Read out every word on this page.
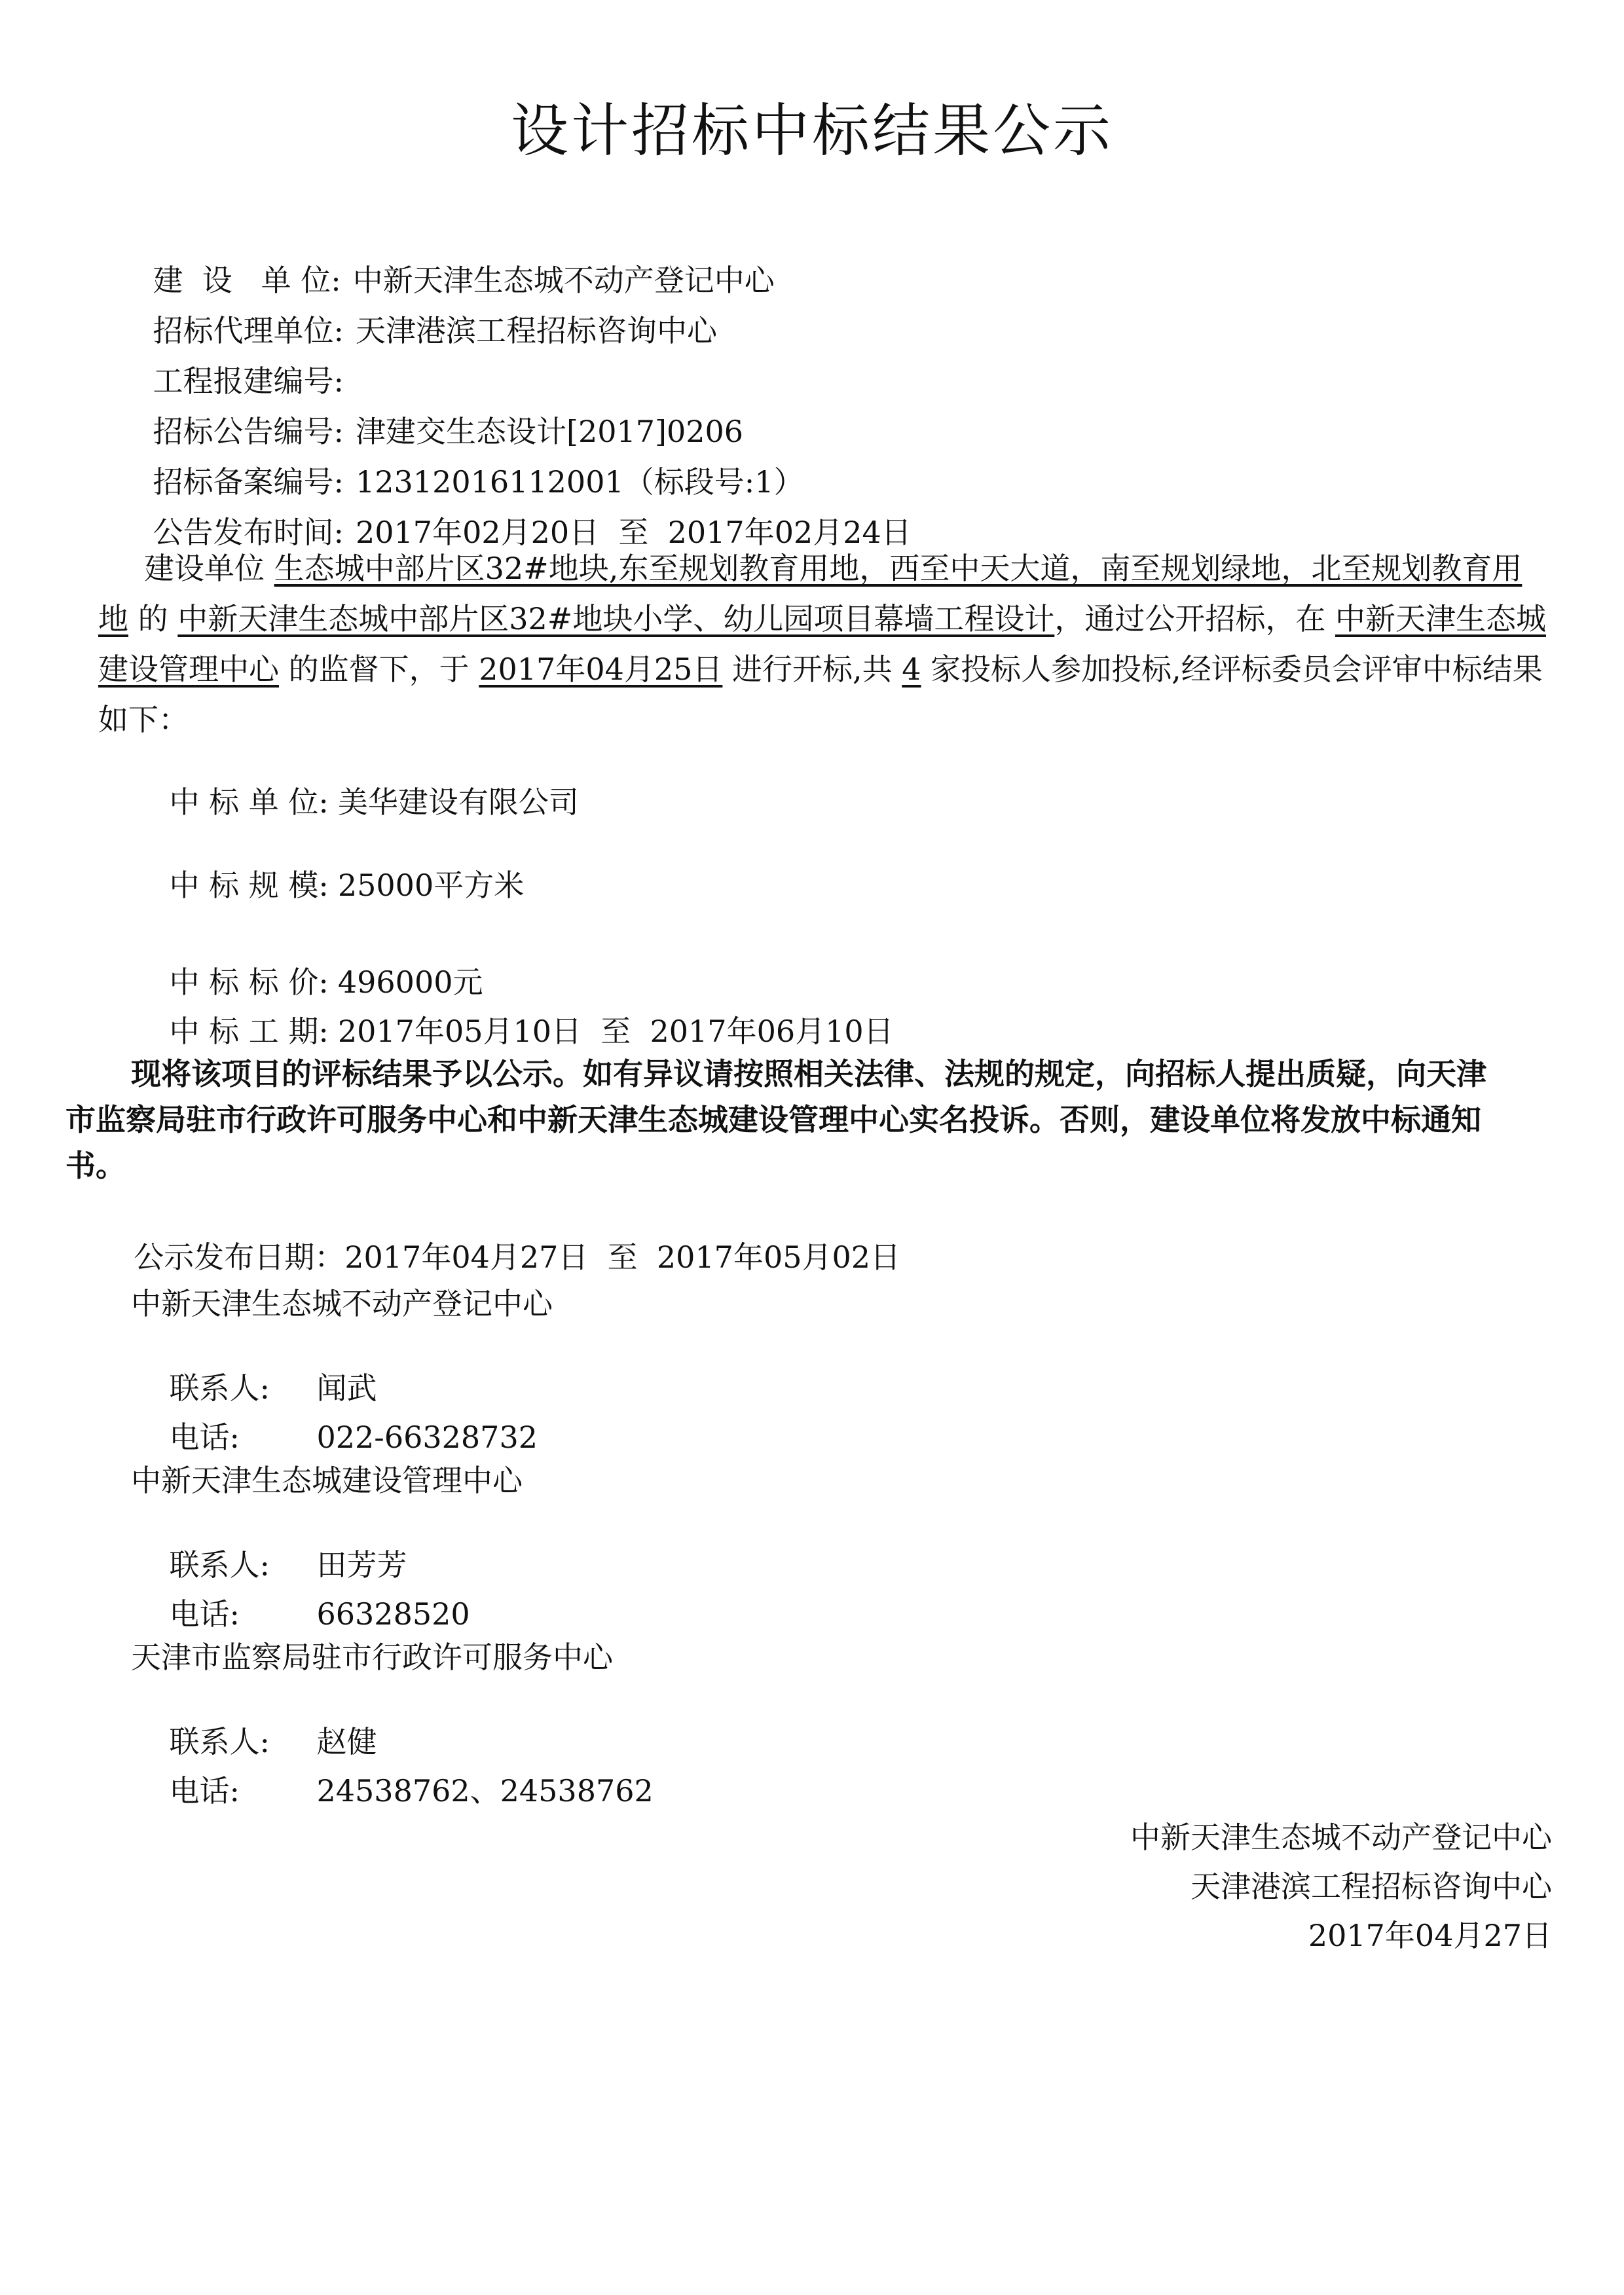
设计招标中标结果公示

建  设   单 位: 中新天津生态城不动产登记中心

招标代理单位: 天津港滨工程招标咨询中心

工程报建编号:

招标公告编号: 津建交生态设计[2017]0206

招标备案编号: 12312016112001（标段号:1）

公告发布时间: 2017年02月20日  至  2017年02月24日

建设单位 生态城中部片区32#地块,东至规划教育用地，西至中天大道，南至规划绿地，北至规划教育用地 的 中新天津生态城中部片区32#地块小学、幼儿园项目幕墙工程设计，通过公开招标，在 中新天津生态城建设管理中心 的监督下，于 2017年04月25日 进行开标,共 4 家投标人参加投标,经评标委员会评审中标结果如下：

中 标 单 位: 美华建设有限公司

中 标 规 模: 25000平方米

中 标 标 价: 496000元

中 标 工 期: 2017年05月10日  至  2017年06月10日

现将该项目的评标结果予以公示。如有异议请按照相关法律、法规的规定，向招标人提出质疑，向天津市监察局驻市行政许可服务中心和中新天津生态城建设管理中心实名投诉。否则，建设单位将发放中标通知书。

公示发布日期：2017年04月27日  至  2017年05月02日

中新天津生态城不动产登记中心

联系人: 闻武

电话:	022-66328732

中新天津生态城建设管理中心

联系人: 田芳芳

电话:	66328520

天津市监察局驻市行政许可服务中心

联系人: 赵健

电话:	24538762、24538762

中新天津生态城不动产登记中心
天津港滨工程招标咨询中心
2017年04月27日
